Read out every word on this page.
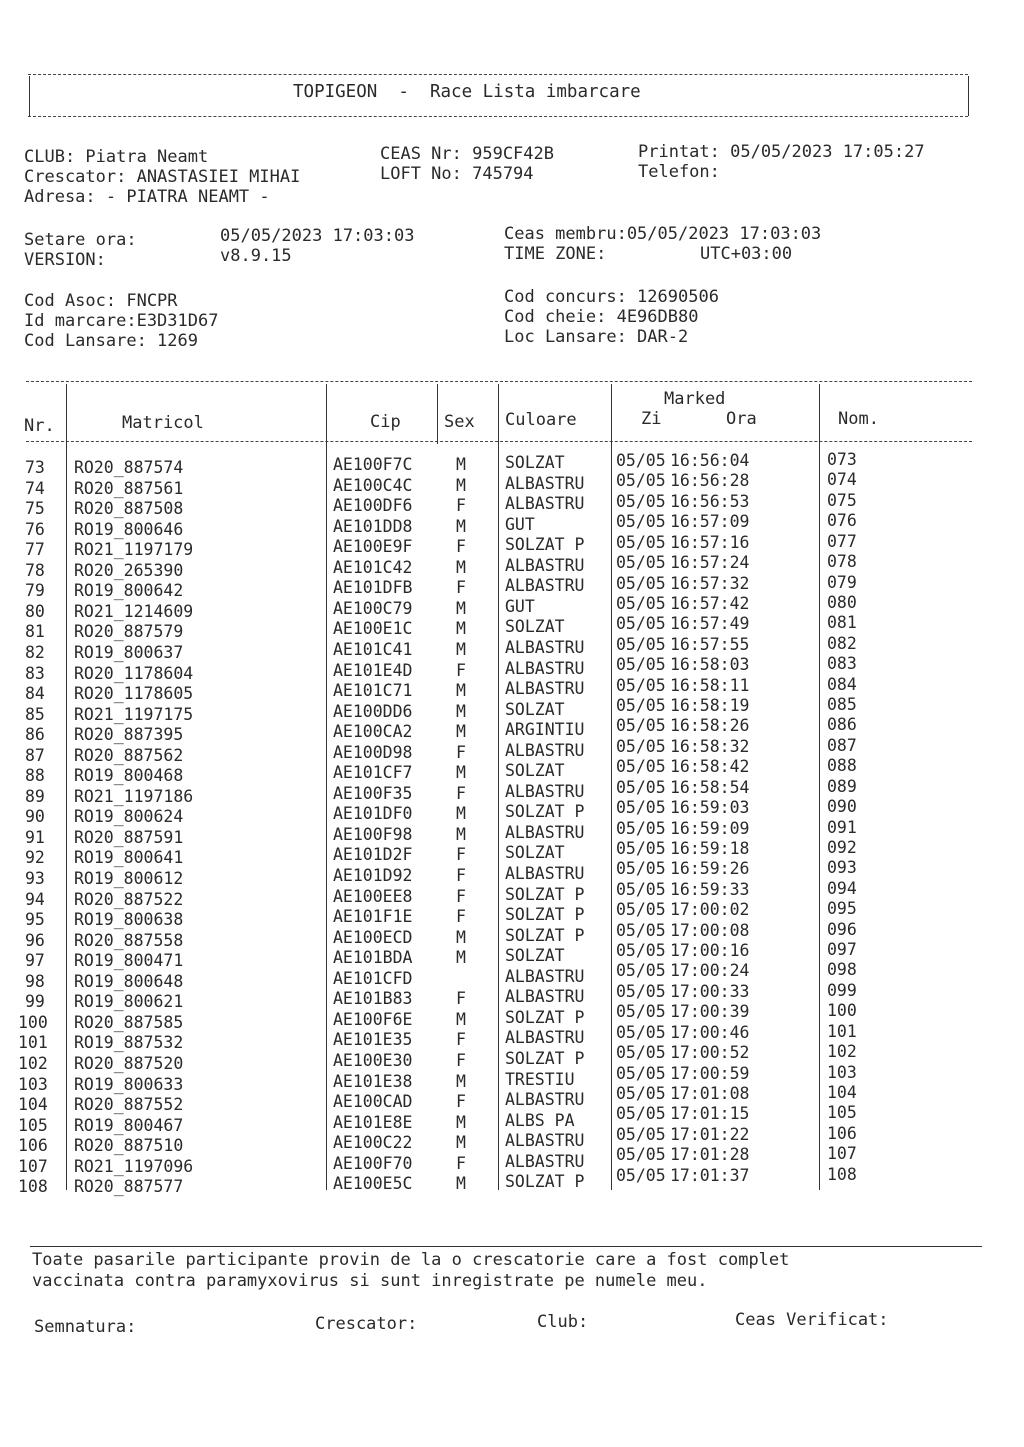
TOPIGEON  -  Race Lista imbarcare
CLUB: Piatra Neamt
Crescator: ANASTASIEI MIHAI
Adresa: - PIATRA NEAMT -
CEAS Nr: 959CF42B
LOFT No: 745794
Printat: 05/05/2023 17:05:27
Telefon:
Setare ora:	05/05/2023 17:03:03
VERSION:	v8.9.15
Ceas membru:05/05/2023 17:03:03
TIME ZONE:	UTC+03:00
Cod Asoc: FNCPR
Id marcare:E3D31D67
Cod Lansare: 1269
Cod concurs: 12690506
Cod cheie: 4E96DB80
Loc Lansare: DAR-2
Nr.	Matricol	Cip	Sex Culoare
Marked
Zi	Ora	Nom.
73 RO20_887574	AE100F7C	M SOLZAT	05/05 16:56:04	073
74 RO20_887561	AE100C4C	M ALBASTRU 05/05 16:56:28	074
75 RO20_887508	AE100DF6	F ALBASTRU 05/05 16:56:53	075
76 RO19_800646	AE101DD8	M GUT	05/05 16:57:09	076
77 RO21_1197179	AE100E9F	F SOLZAT P 05/05 16:57:16	077
78 RO20_265390	AE101C42	M ALBASTRU 05/05 16:57:24	078
79 RO19_800642	AE101DFB	F ALBASTRU 05/05 16:57:32	079
80 RO21_1214609	AE100C79	M GUT	05/05 16:57:42	080
81 RO20_887579	AE100E1C	M SOLZAT	05/05 16:57:49	081
82 RO19_800637	AE101C41	M ALBASTRU 05/05 16:57:55	082
83 RO20_1178604	AE101E4D	F ALBASTRU 05/05 16:58:03	083
84 RO20_1178605	AE101C71	M ALBASTRU 05/05 16:58:11	084
85 RO21_1197175	AE100DD6	M SOLZAT	05/05 16:58:19	085
86 RO20_887395	AE100CA2	M ARGINTIU 05/05 16:58:26	086
87 RO20_887562	AE100D98	F ALBASTRU 05/05 16:58:32	087
88 RO19_800468	AE101CF7	M SOLZAT	05/05 16:58:42	088
89 RO21_1197186	AE100F35	F ALBASTRU 05/05 16:58:54	089
90 RO19_800624	AE101DF0	M SOLZAT P 05/05 16:59:03	090
91 RO20_887591	AE100F98	M ALBASTRU 05/05 16:59:09	091
92 RO19_800641	AE101D2F	F SOLZAT	05/05 16:59:18	092
93 RO19_800612	AE101D92	F ALBASTRU 05/05 16:59:26	093
94 RO20_887522	AE100EE8	F SOLZAT P 05/05 16:59:33	094
95 RO19_800638	AE101F1E	F SOLZAT P 05/05 17:00:02	095
96 RO20_887558	AE100ECD	M SOLZAT P 05/05 17:00:08	096
97 RO19_800471	AE101BDA	M SOLZAT	05/05 17:00:16	097
98 RO19_800648	AE101CFD	ALBASTRU 05/05 17:00:24	098
99 RO19_800621	AE101B83	F ALBASTRU 05/05 17:00:33	099
100 RO20_887585	AE100F6E	M SOLZAT P 05/05 17:00:39	100
101 RO19_887532	AE101E35	F ALBASTRU 05/05 17:00:46	101
102 RO20_887520	AE100E30	F SOLZAT P 05/05 17:00:52	102
103 RO19_800633	AE101E38	M TRESTIU	05/05 17:00:59	103
104 RO20_887552	AE100CAD	F ALBASTRU 05/05 17:01:08	104
105 RO19_800467	AE101E8E	M ALBS PA	05/05 17:01:15	105
106 RO20_887510	AE100C22	M ALBASTRU 05/05 17:01:22	106
107 RO21_1197096	AE100F70	F ALBASTRU 05/05 17:01:28	107
108 RO20_887577	AE100E5C	M SOLZAT P 05/05 17:01:37	108
Toate pasarile participante provin de la o crescatorie care a fost complet
vaccinata contra paramyxovirus si sunt inregistrate pe numele meu.
Semnatura:	Crescator:	Club:	Ceas Verificat:
